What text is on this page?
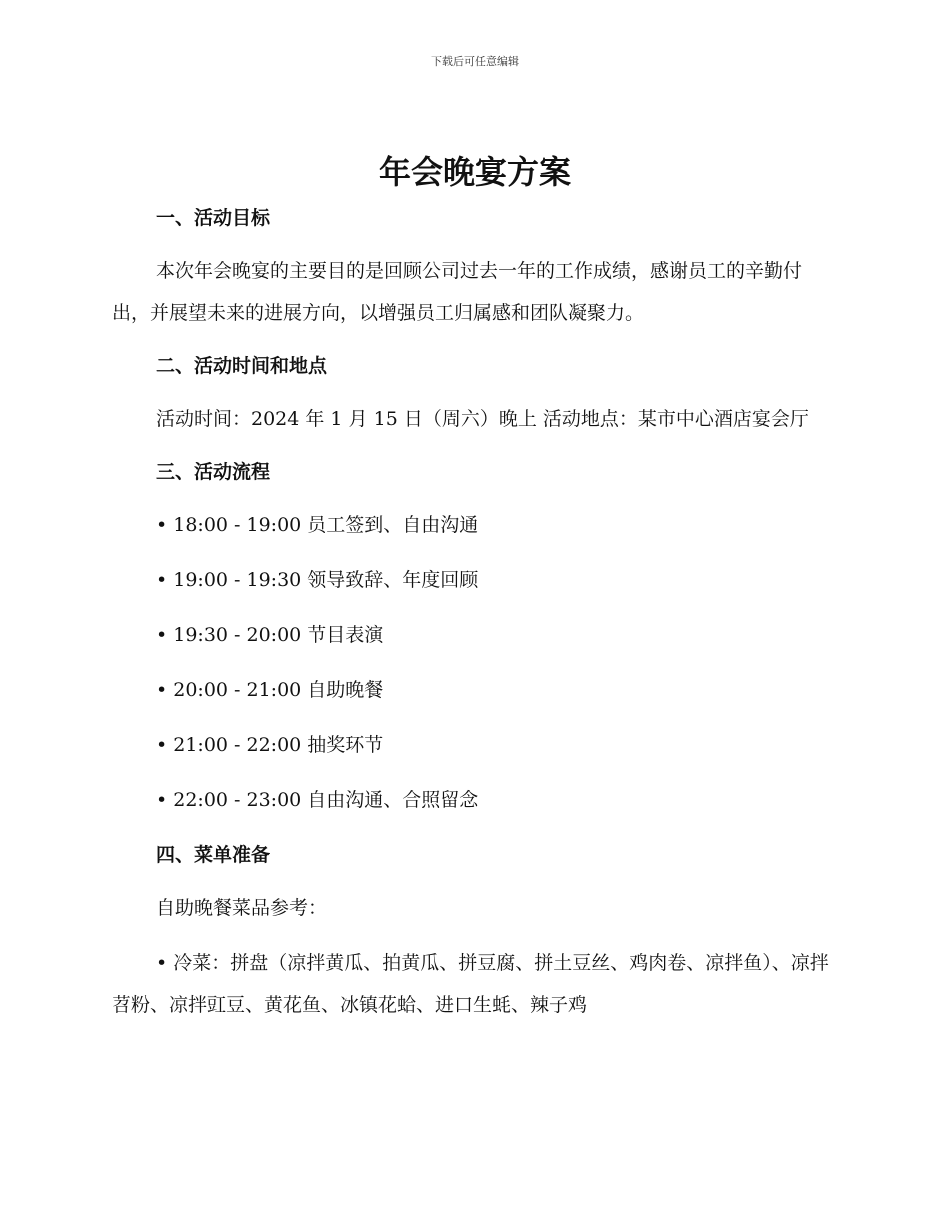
下载后可任意编辑
年会晚宴方案
一、活动目标

本次年会晚宴的主要目的是回顾公司过去一年的工作成绩，感谢员工的辛勤付出，并展望未来的进展方向，以增强员工归属感和团队凝聚力。

二、活动时间和地点

活动时间：2024 年 1 月 15 日（周六）晚上 活动地点：某市中心酒店宴会厅

三、活动流程
• 18:00 - 19:00 员工签到、自由沟通
• 19:00 - 19:30 领导致辞、年度回顾
• 19:30 - 20:00 节目表演
• 20:00 - 21:00 自助晚餐
• 21:00 - 22:00 抽奖环节
• 22:00 - 23:00 自由沟通、合照留念
四、菜单准备
自助晚餐菜品参考：

• 冷菜：拼盘（凉拌黄瓜、拍黄瓜、拼豆腐、拼土豆丝、鸡肉卷、凉拌鱼）、凉拌苕粉、凉拌豇豆、黄花鱼、冰镇花蛤、进口生蚝、辣子鸡
